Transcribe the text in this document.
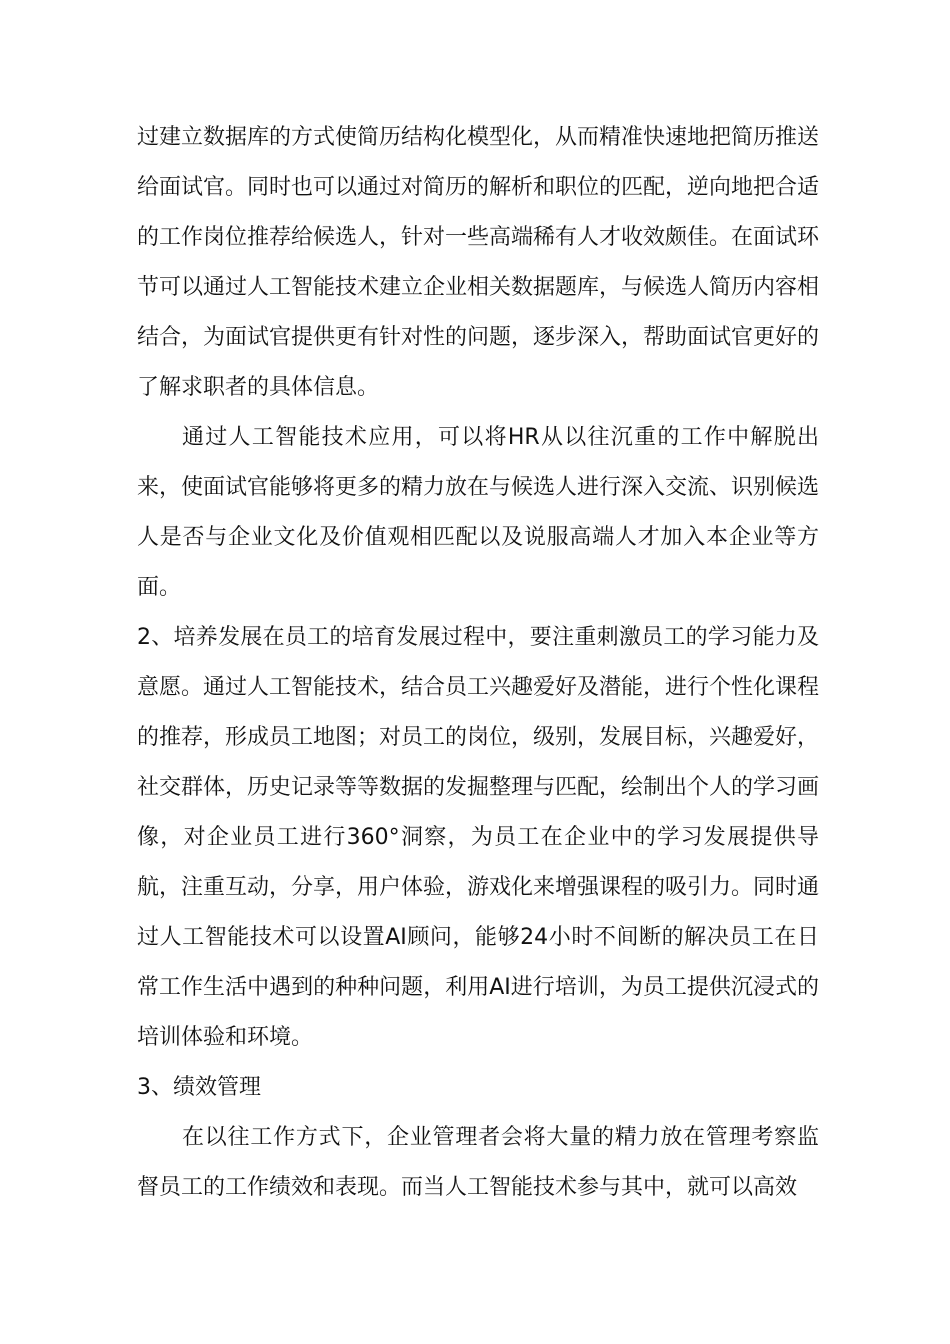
过建立数据库的方式使简历结构化模型化，从而精准快速地把简历推送给面试官。同时也可以通过对简历的解析和职位的匹配，逆向地把合适的工作岗位推荐给候选人，针对一些高端稀有人才收效颇佳。在面试环节可以通过人工智能技术建立企业相关数据题库，与候选人简历内容相结合，为面试官提供更有针对性的问题，逐步深入，帮助面试官更好的了解求职者的具体信息。

通过人工智能技术应用，可以将HR从以往沉重的工作中解脱出来，使面试官能够将更多的精力放在与候选人进行深入交流、识别候选人是否与企业文化及价值观相匹配以及说服高端人才加入本企业等方面。

2、培养发展在员工的培育发展过程中，要注重刺激员工的学习能力及意愿。通过人工智能技术，结合员工兴趣爱好及潜能，进行个性化课程的推荐，形成员工地图；对员工的岗位，级别，发展目标，兴趣爱好，社交群体，历史记录等等数据的发掘整理与匹配，绘制出个人的学习画像，对企业员工进行360°洞察，为员工在企业中的学习发展提供导航，注重互动，分享，用户体验，游戏化来增强课程的吸引力。同时通过人工智能技术可以设置AI顾问，能够24小时不间断的解决员工在日常工作生活中遇到的种种问题，利用AI进行培训，为员工提供沉浸式的培训体验和环境。

3、绩效管理

在以往工作方式下，企业管理者会将大量的精力放在管理考察监督员工的工作绩效和表现。而当人工智能技术参与其中，就可以高效
